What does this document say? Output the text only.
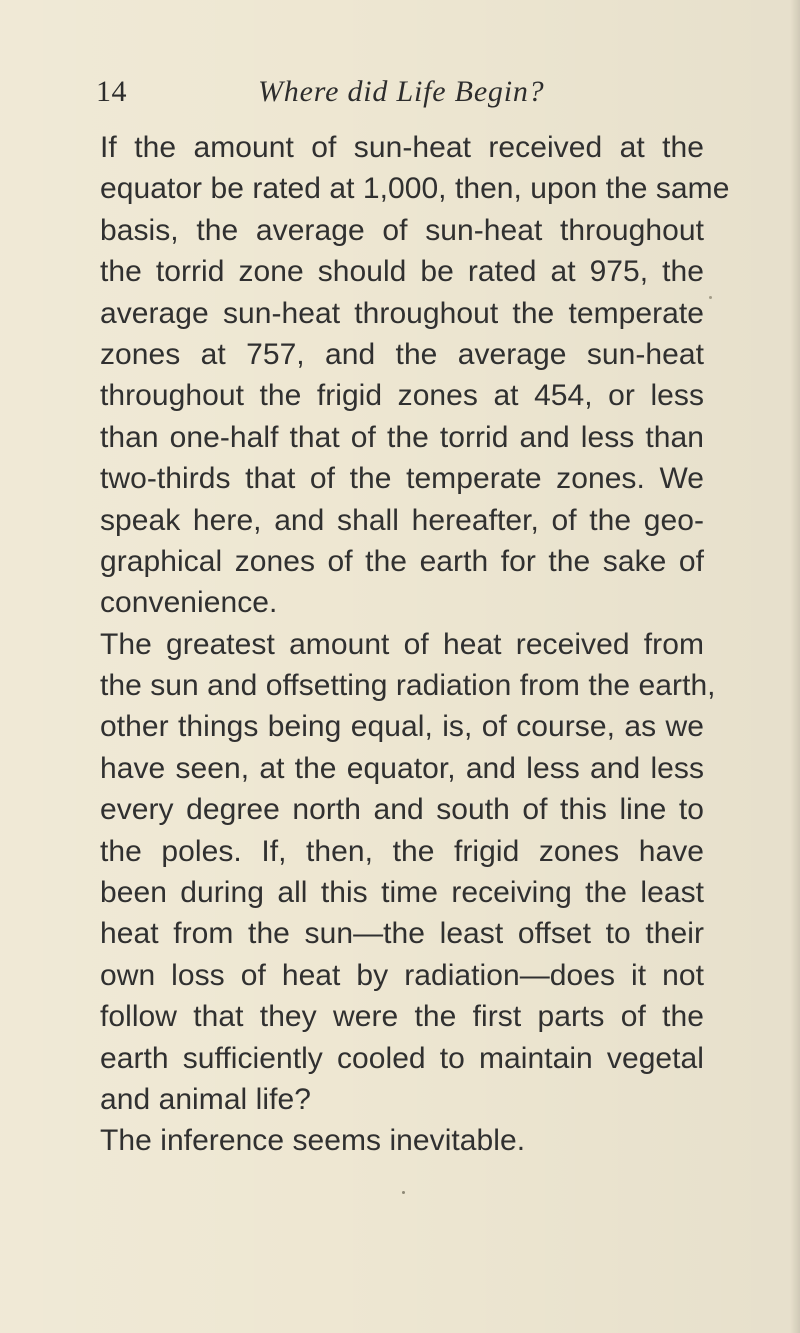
14	Where did Life Begin?
If the amount of sun-heat received at the
equator be rated at 1,000, then, upon the same
basis, the average of sun-heat throughout
the torrid zone should be rated at 975, the
average sun-heat throughout the temperate
zones at 757, and the average sun-heat
throughout the frigid zones at 454, or less
than one-half that of the torrid and less than
two-thirds that of the temperate zones. We
speak here, and shall hereafter, of the geo-
graphical zones of the earth for the sake of
convenience.
The greatest amount of heat received from
the sun and offsetting radiation from the earth,
other things being equal, is, of course, as we
have seen, at the equator, and less and less
every degree north and south of this line to
the poles. If, then, the frigid zones have
been during all this time receiving the least
heat from the sun—the least offset to their
own loss of heat by radiation—does it not
follow that they were the first parts of the
earth sufficiently cooled to maintain vegetal
and animal life?
The inference seems inevitable.
